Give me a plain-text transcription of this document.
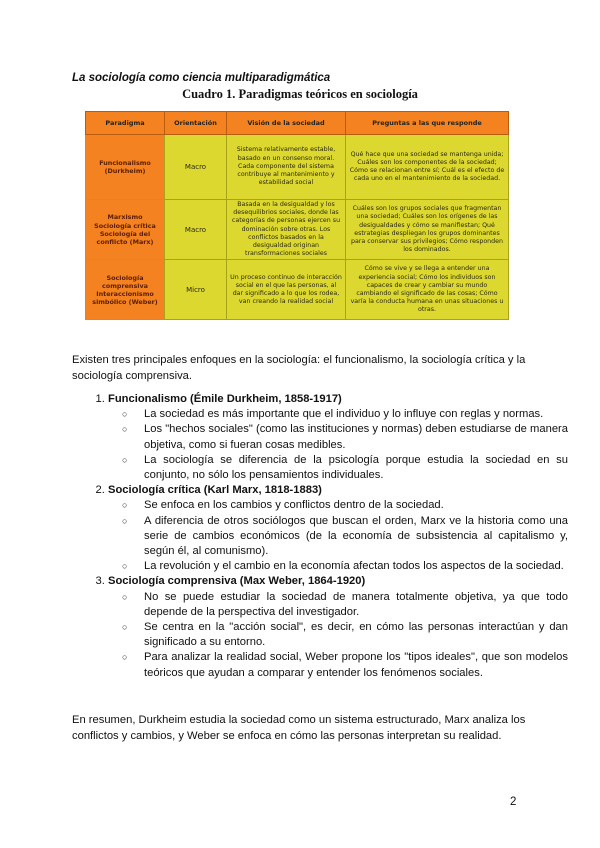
La sociología como ciencia multiparadigmática
Cuadro 1. Paradigmas teóricos en sociología
Paradigma	Orientación	Visión de la sociedad	Preguntas a las que responde
Funcionalismo (Durkheim)	Macro	Sistema relativamente estable, basado en un consenso moral. Cada componente del sistema contribuye al mantenimiento y estabilidad social	Qué hace que una sociedad se mantenga unida; Cuáles son los componentes de la sociedad; Cómo se relacionan entre sí; Cuál es el efecto de cada uno en el mantenimiento de la sociedad.
Marxismo Sociología crítica Sociología del conflicto (Marx)	Macro	Basada en la desigualdad y los desequilibrios sociales, donde las categorías de personas ejercen su dominación sobre otras. Los conflictos basados en la desigualdad originan transformaciones sociales	Cuáles son los grupos sociales que fragmentan una sociedad; Cuáles son los orígenes de las desigualdades y cómo se manifiestan; Qué estrategias despliegan los grupos dominantes para conservar sus privilegios; Cómo responden los dominados.
Sociología comprensiva Interaccionismo simbólico (Weber)	Micro	Un proceso continuo de interacción social en el que las personas, al dar significado a lo que los rodea, van creando la realidad social	Cómo se vive y se llega a entender una experiencia social; Cómo los individuos son capaces de crear y cambiar su mundo cambiando el significado de las cosas; Cómo varía la conducta humana en unas situaciones u otras.
Existen tres principales enfoques en la sociología: el funcionalismo, la sociología crítica y la sociología comprensiva.
1. Funcionalismo (Émile Durkheim, 1858-1917)
○ La sociedad es más importante que el individuo y lo influye con reglas y normas.
○ Los "hechos sociales" (como las instituciones y normas) deben estudiarse de manera objetiva, como si fueran cosas medibles.
○ La sociología se diferencia de la psicología porque estudia la sociedad en su conjunto, no sólo los pensamientos individuales.
2. Sociología crítica (Karl Marx, 1818-1883)
○ Se enfoca en los cambios y conflictos dentro de la sociedad.
○ A diferencia de otros sociólogos que buscan el orden, Marx ve la historia como una serie de cambios económicos (de la economía de subsistencia al capitalismo y, según él, al comunismo).
○ La revolución y el cambio en la economía afectan todos los aspectos de la sociedad.
3. Sociología comprensiva (Max Weber, 1864-1920)
○ No se puede estudiar la sociedad de manera totalmente objetiva, ya que todo depende de la perspectiva del investigador.
○ Se centra en la "acción social", es decir, en cómo las personas interactúan y dan significado a su entorno.
○ Para analizar la realidad social, Weber propone los "tipos ideales", que son modelos teóricos que ayudan a comparar y entender los fenómenos sociales.
En resumen, Durkheim estudia la sociedad como un sistema estructurado, Marx analiza los conflictos y cambios, y Weber se enfoca en cómo las personas interpretan su realidad.
2
